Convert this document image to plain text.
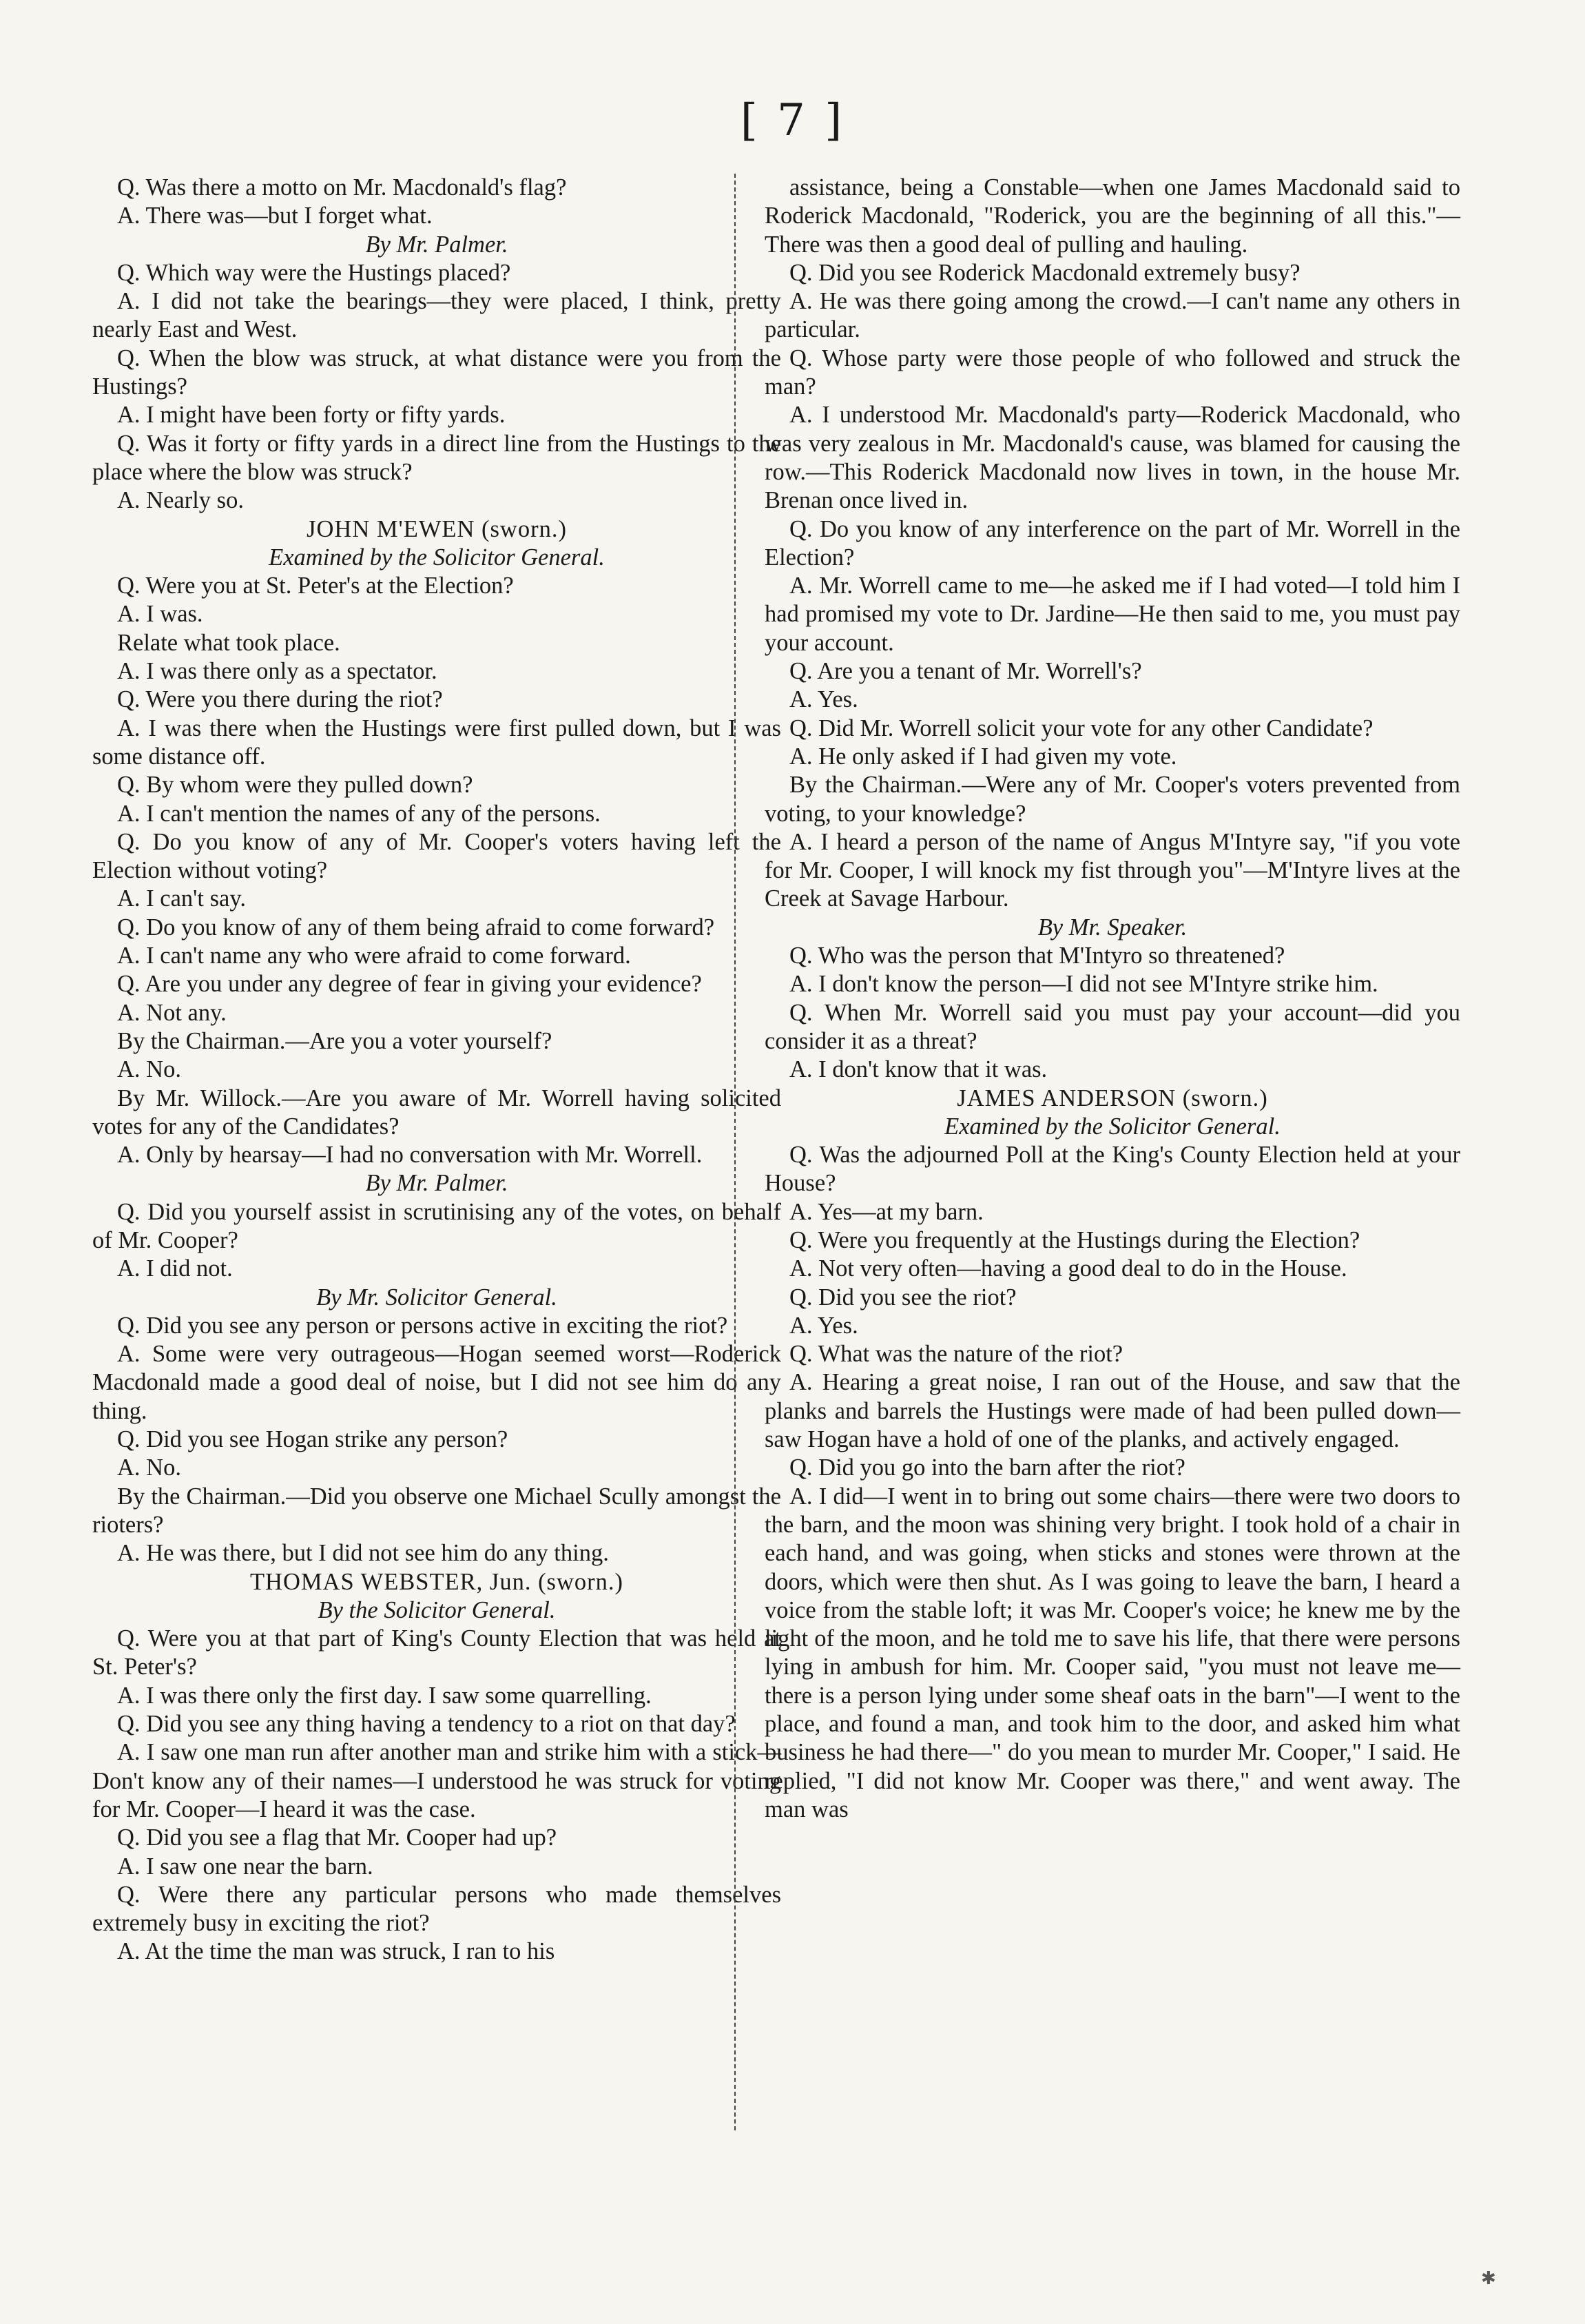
[ 7 ]

Q. Was there a motto on Mr. Macdonald's flag?

A. There was—but I forget what.

By Mr. Palmer.

Q. Which way were the Hustings placed?

A. I did not take the bearings—they were placed, I think, pretty nearly East and West.

Q. When the blow was struck, at what distance were you from the Hustings?

A. I might have been forty or fifty yards.

Q. Was it forty or fifty yards in a direct line from the Hustings to the place where the blow was struck?

A. Nearly so.

JOHN M'EWEN (sworn.)

Examined by the Solicitor General.

Q. Were you at St. Peter's at the Election?

A. I was.

Relate what took place.

A. I was there only as a spectator.

Q. Were you there during the riot?

A. I was there when the Hustings were first pulled down, but I was some distance off.

Q. By whom were they pulled down?

A. I can't mention the names of any of the persons.

Q. Do you know of any of Mr. Cooper's voters having left the Election without voting?

A. I can't say.

Q. Do you know of any of them being afraid to come forward?

A. I can't name any who were afraid to come forward.

Q. Are you under any degree of fear in giving your evidence?

A. Not any.

By the Chairman.—Are you a voter yourself?

A. No.

By Mr. Willock.—Are you aware of Mr. Worrell having solicited votes for any of the Candidates?

A. Only by hearsay—I had no conversation with Mr. Worrell.

By Mr. Palmer.

Q. Did you yourself assist in scrutinising any of the votes, on behalf of Mr. Cooper?

A. I did not.

By Mr. Solicitor General.

Q. Did you see any person or persons active in exciting the riot?

A. Some were very outrageous—Hogan seemed worst—Roderick Macdonald made a good deal of noise, but I did not see him do any thing.

Q. Did you see Hogan strike any person?

A. No.

By the Chairman.—Did you observe one Michael Scully amongst the rioters?

A. He was there, but I did not see him do any thing.

THOMAS WEBSTER, Jun. (sworn.)

By the Solicitor General.

Q. Were you at that part of King's County Election that was held at St. Peter's?

A. I was there only the first day. I saw some quarrelling.

Q. Did you see any thing having a tendency to a riot on that day?

A. I saw one man run after another man and strike him with a stick—Don't know any of their names—I understood he was struck for voting for Mr. Cooper—I heard it was the case.

Q. Did you see a flag that Mr. Cooper had up?

A. I saw one near the barn.

Q. Were there any particular persons who made themselves extremely busy in exciting the riot?

A. At the time the man was struck, I ran to his

assistance, being a Constable—when one James Macdonald said to Roderick Macdonald, "Roderick, you are the beginning of all this."—There was then a good deal of pulling and hauling.

Q. Did you see Roderick Macdonald extremely busy?

A. He was there going among the crowd.—I can't name any others in particular.

Q. Whose party were those people of who followed and struck the man?

A. I understood Mr. Macdonald's party—Roderick Macdonald, who was very zealous in Mr. Macdonald's cause, was blamed for causing the row.—This Roderick Macdonald now lives in town, in the house Mr. Brenan once lived in.

Q. Do you know of any interference on the part of Mr. Worrell in the Election?

A. Mr. Worrell came to me—he asked me if I had voted—I told him I had promised my vote to Dr. Jardine—He then said to me, you must pay your account.

Q. Are you a tenant of Mr. Worrell's?

A. Yes.

Q. Did Mr. Worrell solicit your vote for any other Candidate?

A. He only asked if I had given my vote.

By the Chairman.—Were any of Mr. Cooper's voters prevented from voting, to your knowledge?

A. I heard a person of the name of Angus M'Intyre say, "if you vote for Mr. Cooper, I will knock my fist through you"—M'Intyre lives at the Creek at Savage Harbour.

By Mr. Speaker.

Q. Who was the person that M'Intyro so threatened?

A. I don't know the person—I did not see M'Intyre strike him.

Q. When Mr. Worrell said you must pay your account—did you consider it as a threat?

A. I don't know that it was.

JAMES ANDERSON (sworn.)

Examined by the Solicitor General.

Q. Was the adjourned Poll at the King's County Election held at your House?

A. Yes—at my barn.

Q. Were you frequently at the Hustings during the Election?

A. Not very often—having a good deal to do in the House.

Q. Did you see the riot?

A. Yes.

Q. What was the nature of the riot?

A. Hearing a great noise, I ran out of the House, and saw that the planks and barrels the Hustings were made of had been pulled down—saw Hogan have a hold of one of the planks, and actively engaged.

Q. Did you go into the barn after the riot?

A. I did—I went in to bring out some chairs—there were two doors to the barn, and the moon was shining very bright. I took hold of a chair in each hand, and was going, when sticks and stones were thrown at the doors, which were then shut. As I was going to leave the barn, I heard a voice from the stable loft; it was Mr. Cooper's voice; he knew me by the light of the moon, and he told me to save his life, that there were persons lying in ambush for him. Mr. Cooper said, "you must not leave me—there is a person lying under some sheaf oats in the barn"—I went to the place, and found a man, and took him to the door, and asked him what business he had there—" do you mean to murder Mr. Cooper," I said. He replied, "I did not know Mr. Cooper was there," and went away. The man was

✱
